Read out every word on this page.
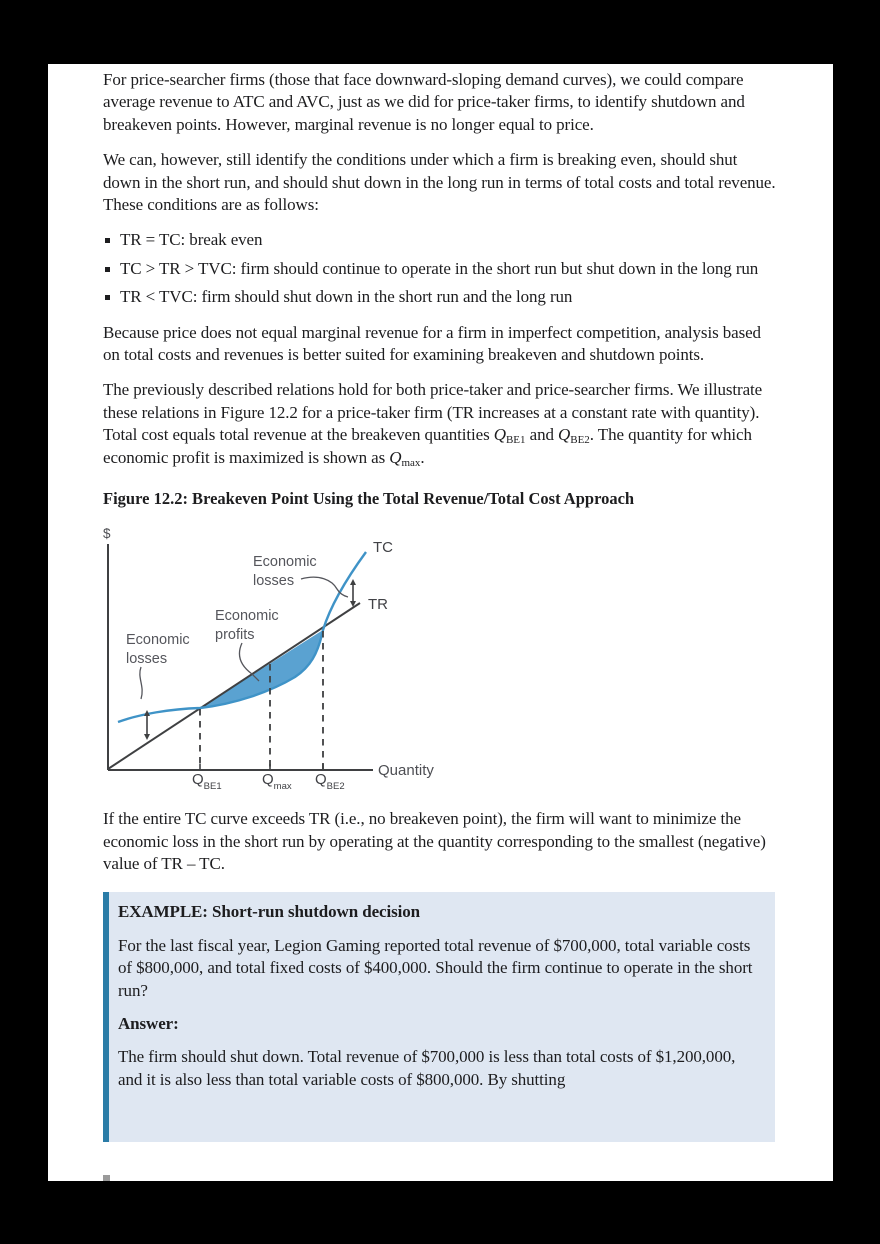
For price-searcher firms (those that face downward-sloping demand curves), we could compare average revenue to ATC and AVC, just as we did for price-taker firms, to identify shutdown and breakeven points. However, marginal revenue is no longer equal to price.

We can, however, still identify the conditions under which a firm is breaking even, should shut down in the short run, and should shut down in the long run in terms of total costs and total revenue. These conditions are as follows:

TR = TC: break even
TC > TR > TVC: firm should continue to operate in the short run but shut down in the long run
TR < TVC: firm should shut down in the short run and the long run

Because price does not equal marginal revenue for a firm in imperfect competition, analysis based on total costs and revenues is better suited for examining breakeven and shutdown points.

The previously described relations hold for both price-taker and price-searcher firms. We illustrate these relations in Figure 12.2 for a price-taker firm (TR increases at a constant rate with quantity). Total cost equals total revenue at the breakeven quantities $Q_{BE1}$ and $Q_{BE2}$. The quantity for which economic profit is maximized is shown as $Q_{max}$.

Figure 12.2: Breakeven Point Using the Total Revenue/Total Cost Approach
$
Quantity
TC
TR
Economic
losses
Economic
profits
Economic
losses
$Q_{BE1}$	$Q_{max}$ $Q_{BE2}$

If the entire TC curve exceeds TR (i.e., no breakeven point), the firm will want to minimize the economic loss in the short run by operating at the quantity corresponding to the smallest (negative) value of TR – TC.

EXAMPLE: Short-run shutdown decision

For the last fiscal year, Legion Gaming reported total revenue of $700,000, total variable costs of $800,000, and total fixed costs of $400,000. Should the firm continue to operate in the short run?

Answer:

The firm should shut down. Total revenue of $700,000 is less than total costs of $1,200,000, and it is also less than total variable costs of $800,000. By shutting
